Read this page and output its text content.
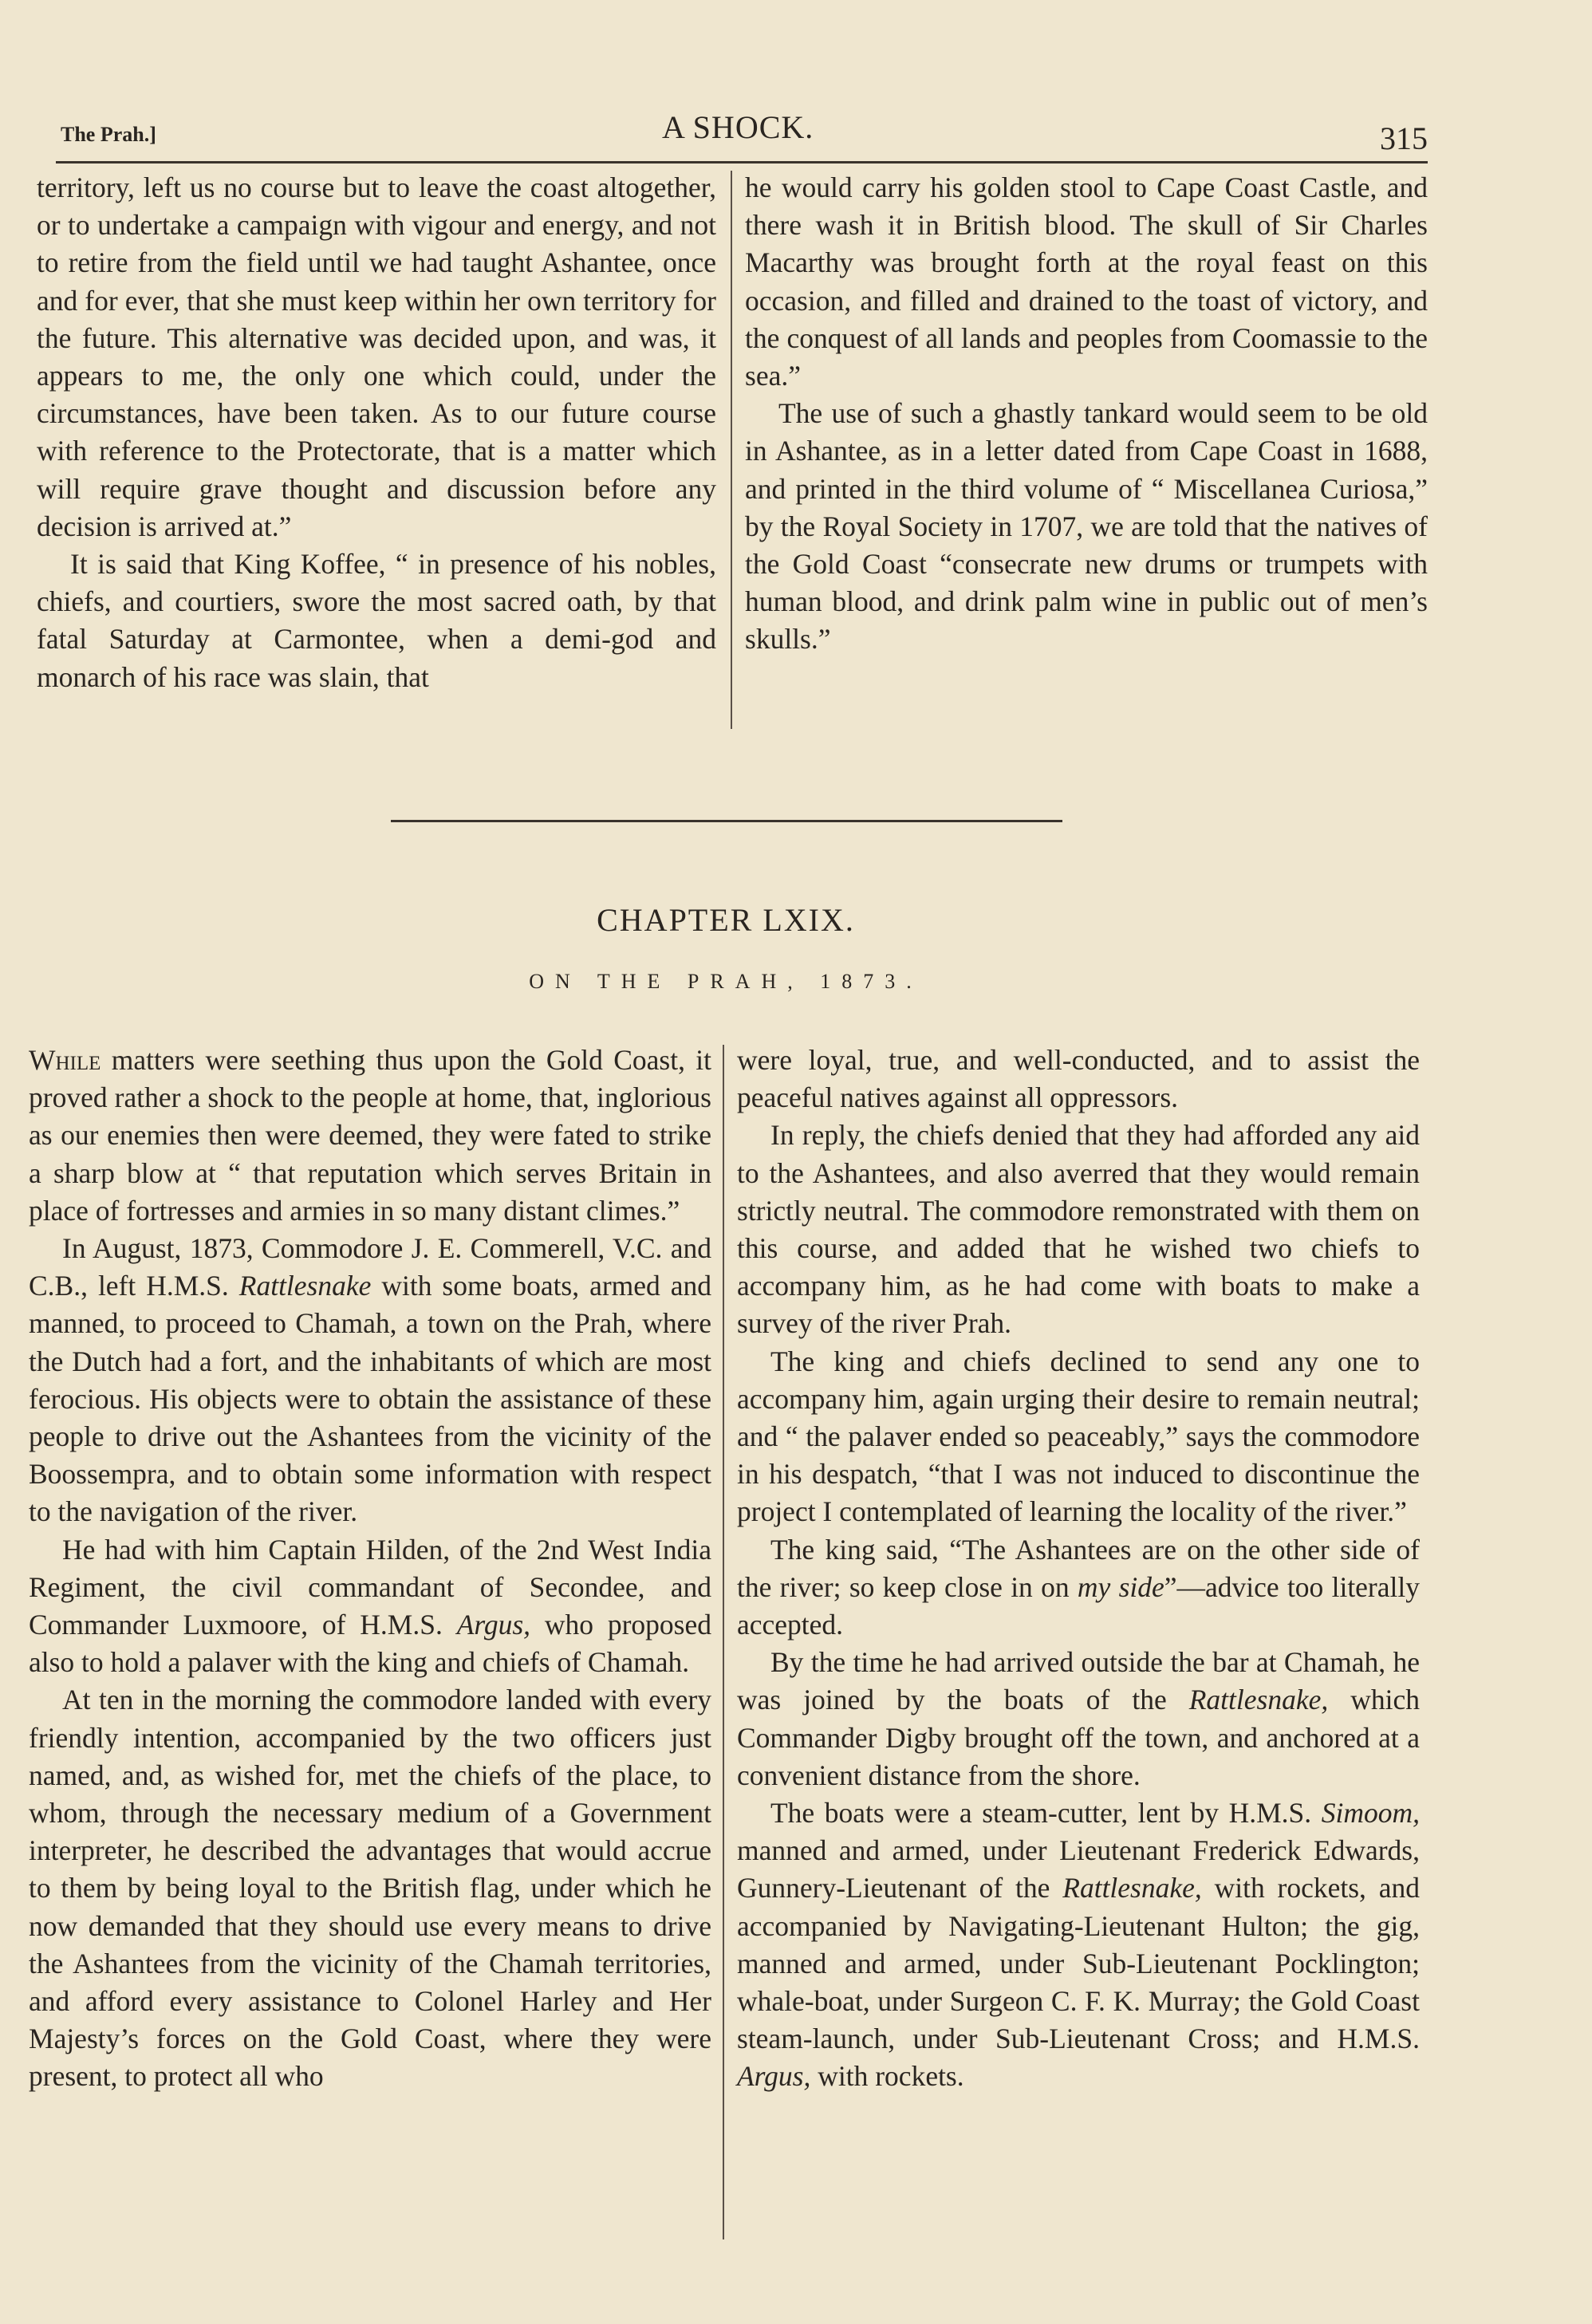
The Prah.]	A SHOCK.	315

territory, left us no course but to leave the coast altogether, or to undertake a campaign with vigour and energy, and not to retire from the field until we had taught Ashantee, once and for ever, that she must keep within her own territory for the future. This alternative was decided upon, and was, it appears to me, the only one which could, under the circumstances, have been taken. As to our future course with reference to the Protectorate, that is a matter which will require grave thought and discussion before any decision is arrived at.”

It is said that King Koffee, “ in presence of his nobles, chiefs, and courtiers, swore the most sacred oath, by that fatal Saturday at Carmontee, when a demi-god and monarch of his race was slain, that

he would carry his golden stool to Cape Coast Castle, and there wash it in British blood. The skull of Sir Charles Macarthy was brought forth at the royal feast on this occasion, and filled and drained to the toast of victory, and the conquest of all lands and peoples from Coomassie to the sea.”

The use of such a ghastly tankard would seem to be old in Ashantee, as in a letter dated from Cape Coast in 1688, and printed in the third volume of “ Miscellanea Curiosa,” by the Royal Society in 1707, we are told that the natives of the Gold Coast “consecrate new drums or trumpets with human blood, and drink palm wine in public out of men’s skulls.”

CHAPTER LXIX.
ON THE PRAH, 1873.

While matters were seething thus upon the Gold Coast, it proved rather a shock to the people at home, that, inglorious as our enemies then were deemed, they were fated to strike a sharp blow at “ that reputation which serves Britain in place of fortresses and armies in so many distant climes.”

In August, 1873, Commodore J. E. Commerell, V.C. and C.B., left H.M.S. Rattlesnake with some boats, armed and manned, to proceed to Chamah, a town on the Prah, where the Dutch had a fort, and the inhabitants of which are most ferocious. His objects were to obtain the assistance of these people to drive out the Ashantees from the vicinity of the Boossempra, and to obtain some information with respect to the navigation of the river.

He had with him Captain Hilden, of the 2nd West India Regiment, the civil commandant of Secondee, and Commander Luxmoore, of H.M.S. Argus, who proposed also to hold a palaver with the king and chiefs of Chamah.

At ten in the morning the commodore landed with every friendly intention, accompanied by the two officers just named, and, as wished for, met the chiefs of the place, to whom, through the necessary medium of a Government interpreter, he described the advantages that would accrue to them by being loyal to the British flag, under which he now demanded that they should use every means to drive the Ashantees from the vicinity of the Chamah territories, and afford every assistance to Colonel Harley and Her Majesty’s forces on the Gold Coast, where they were present, to protect all who

were loyal, true, and well-conducted, and to assist the peaceful natives against all oppressors.

In reply, the chiefs denied that they had afforded any aid to the Ashantees, and also averred that they would remain strictly neutral. The commodore remonstrated with them on this course, and added that he wished two chiefs to accompany him, as he had come with boats to make a survey of the river Prah.

The king and chiefs declined to send any one to accompany him, again urging their desire to remain neutral; and “ the palaver ended so peaceably,” says the commodore in his despatch, “that I was not induced to discontinue the project I contemplated of learning the locality of the river.”

The king said, “The Ashantees are on the other side of the river; so keep close in on my side”—advice too literally accepted.

By the time he had arrived outside the bar at Chamah, he was joined by the boats of the Rattlesnake, which Commander Digby brought off the town, and anchored at a convenient distance from the shore.

The boats were a steam-cutter, lent by H.M.S. Simoom, manned and armed, under Lieutenant Frederick Edwards, Gunnery-Lieutenant of the Rattlesnake, with rockets, and accompanied by Navigating-Lieutenant Hulton; the gig, manned and armed, under Sub-Lieutenant Pocklington; whale-boat, under Surgeon C. F. K. Murray; the Gold Coast steam-launch, under Sub-Lieutenant Cross; and H.M.S. Argus, with rockets.
